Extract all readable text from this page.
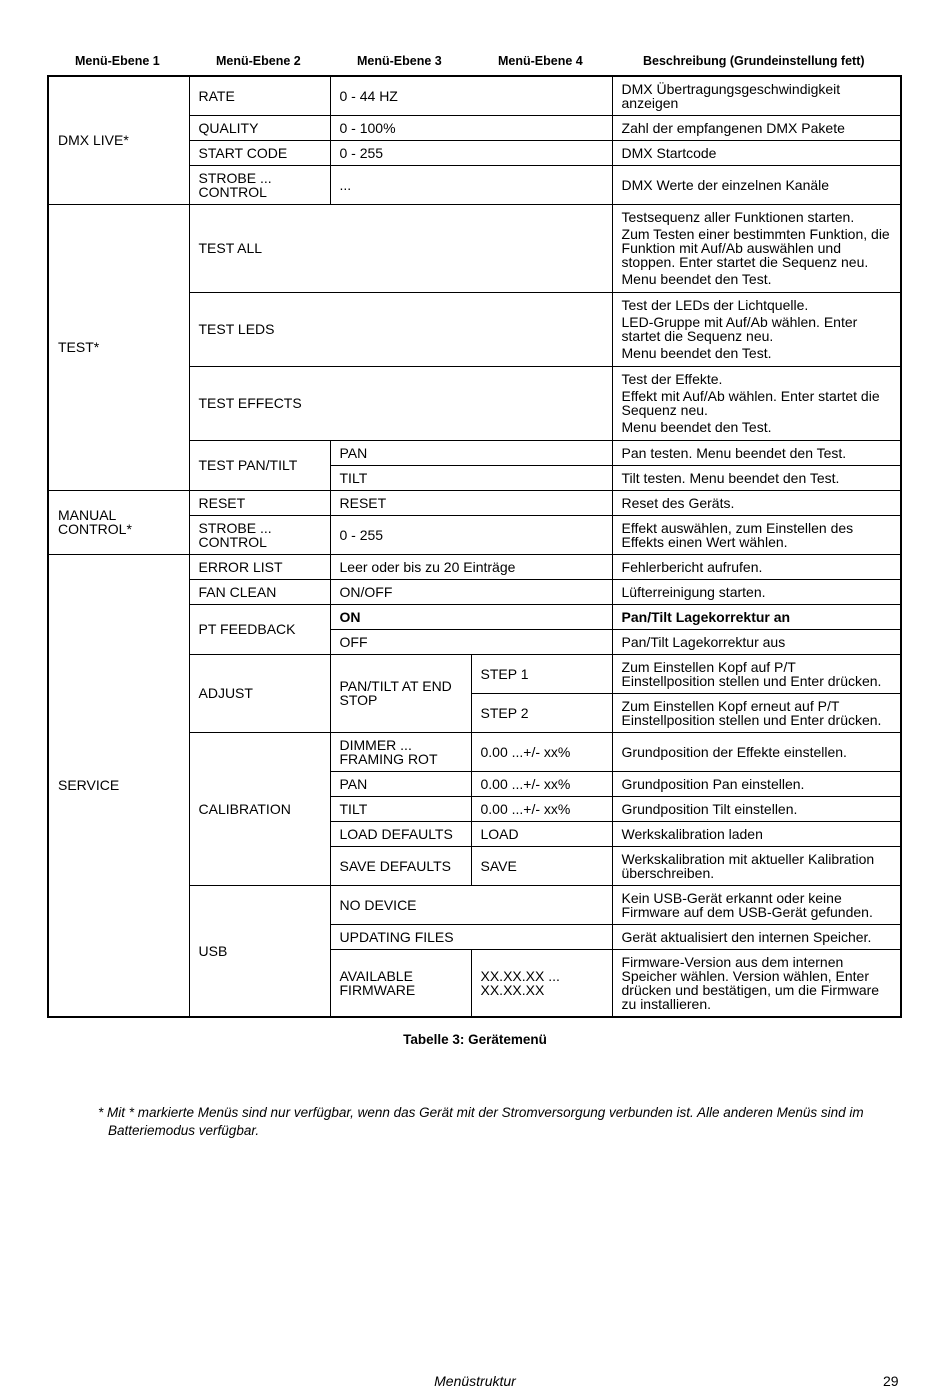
Menü-Ebene 1	Menü-Ebene 2	Menü-Ebene 3	Menü-Ebene 4	Beschreibung (Grundeinstellung fett)
DMX LIVE*	RATE	0 - 44 HZ		DMX Übertragungsgeschwindigkeit anzeigen
	QUALITY	0 - 100%		Zahl der empfangenen DMX Pakete
	START CODE	0 - 255		DMX Startcode
	STROBE ... CONTROL	...		DMX Werte der einzelnen Kanäle
TEST*	TEST ALL			Testsequenz aller Funktionen starten.

Zum Testen einer bestimmten Funktion, die Funktion mit Auf/Ab auswählen und stoppen. Enter startet die Sequenz neu.

Menu beendet den Test.

	TEST LEDS			Test der LEDs der Lichtquelle.

LED-Gruppe mit Auf/Ab wählen. Enter startet die Sequenz neu.

Menu beendet den Test.

	TEST EFFECTS			Test der Effekte.

Effekt mit Auf/Ab wählen. Enter startet die Sequenz neu.

Menu beendet den Test.

	TEST PAN/TILT	PAN		Pan testen. Menu beendet den Test.
		TILT		Tilt testen. Menu beendet den Test.
MANUAL CONTROL*	RESET	RESET		Reset des Geräts.
	STROBE ... CONTROL	0 - 255		Effekt auswählen, zum Einstellen des Effekts einen Wert wählen.
SERVICE	ERROR LIST	Leer oder bis zu 20 Einträge		Fehlerbericht aufrufen.
	FAN CLEAN	ON/OFF		Lüfterreinigung starten.
	PT FEEDBACK	ON		Pan/Tilt Lagekorrektur an
		OFF		Pan/Tilt Lagekorrektur aus
	ADJUST	PAN/TILT AT END STOP	STEP 1	Zum Einstellen Kopf auf P/T Einstellposition stellen und Enter drücken.
			STEP 2	Zum Einstellen Kopf erneut auf P/T Einstellposition stellen und Enter drücken.
	CALIBRATION	DIMMER ... FRAMING ROT	0.00 ...+/- xx%	Grundposition der Effekte einstellen.
		PAN	0.00 ...+/- xx%	Grundposition Pan einstellen.
		TILT	0.00 ...+/- xx%	Grundposition Tilt einstellen.
		LOAD DEFAULTS	LOAD	Werkskalibration laden
		SAVE DEFAULTS	SAVE	Werkskalibration mit aktueller Kalibration überschreiben.
	USB	NO DEVICE		Kein USB-Gerät erkannt oder keine Firmware auf dem USB-Gerät gefunden.
		UPDATING FILES		Gerät aktualisiert den internen Speicher.
		AVAILABLE FIRMWARE	XX.XX.XX ... XX.XX.XX	Firmware-Version aus dem internen Speicher wählen. Version wählen, Enter drücken und bestätigen, um die Firmware zu installieren.
Tabelle 3: Gerätemenü
* Mit * markierte Menüs sind nur verfügbar, wenn das Gerät mit der Stromversorgung verbunden ist. Alle anderen Menüs sind im Batteriemodus verfügbar.
Menüstruktur	29
